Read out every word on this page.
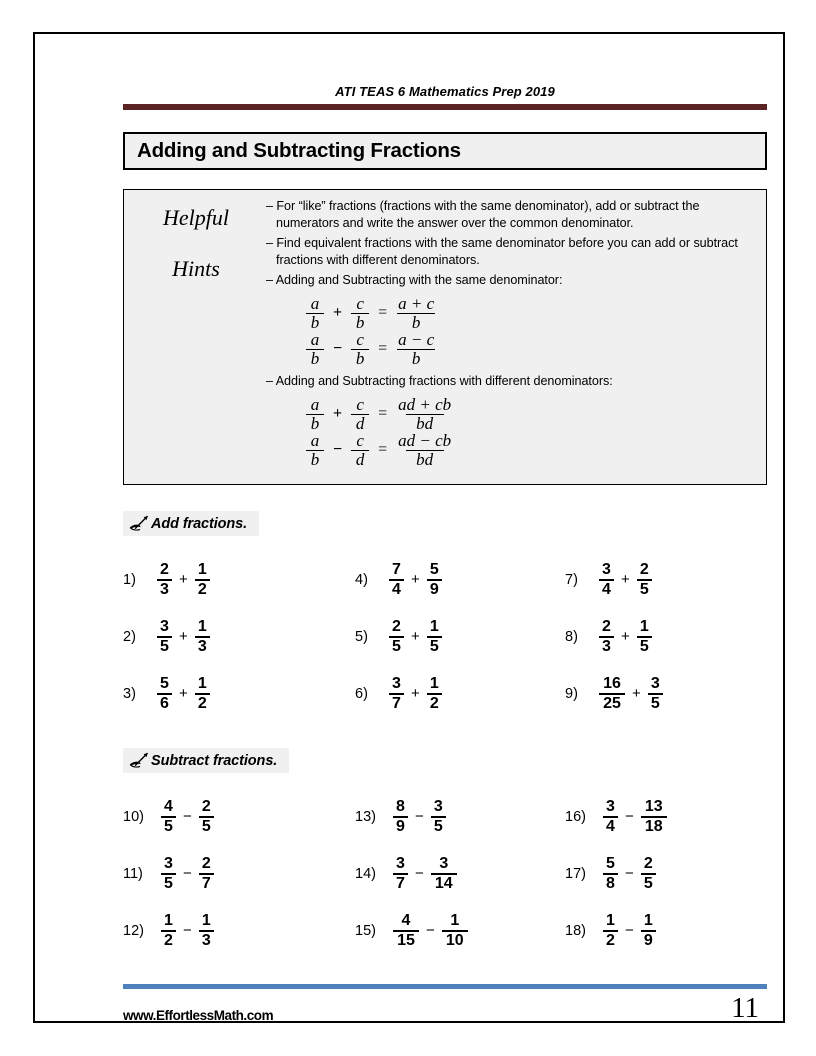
ATI TEAS 6 Mathematics Prep 2019
Adding and Subtracting Fractions
Helpful
Hints
– For “like” fractions (fractions with the same denominator), add or subtract the numerators and write the answer over the common denominator.
– Find equivalent fractions with the same denominator before you can add or subtract fractions with different denominators.
– Adding and Subtracting with the same denominator:
$\frac{a}{b} + \frac{c}{b} = \frac{a + c}{b}$
$\frac{a}{b} - \frac{c}{b} = \frac{a - c}{b}$
– Adding and Subtracting fractions with different denominators:
$\frac{a}{b} + \frac{c}{d} = \frac{ad + cb}{bd}$
$\frac{a}{b} - \frac{c}{d} = \frac{ad - cb}{bd}$
Add fractions.
1)	$\frac{2}{3} + \frac{1}{2}$	4)	$\frac{7}{4} + \frac{5}{9}$	7)	$\frac{3}{4} + \frac{2}{5}$
2)	$\frac{3}{5} + \frac{1}{3}$	5)	$\frac{2}{5} + \frac{1}{5}$	8)	$\frac{2}{3} + \frac{1}{5}$
3)	$\frac{5}{6} + \frac{1}{2}$	6)	$\frac{3}{7} + \frac{1}{2}$	9)	$\frac{16}{25} + \frac{3}{5}$
Subtract fractions.
10)	$\frac{4}{5} - \frac{2}{5}$	13)	$\frac{8}{9} - \frac{3}{5}$	16)	$\frac{3}{4} - \frac{13}{18}$
11)	$\frac{3}{5} - \frac{2}{7}$	14)	$\frac{3}{7} - \frac{3}{14}$	17)	$\frac{5}{8} - \frac{2}{5}$
12)	$\frac{1}{2} - \frac{1}{3}$	15)	$\frac{4}{15} - \frac{1}{10}$	18)	$\frac{1}{2} - \frac{1}{9}$
www.EffortlessMath.com	11
